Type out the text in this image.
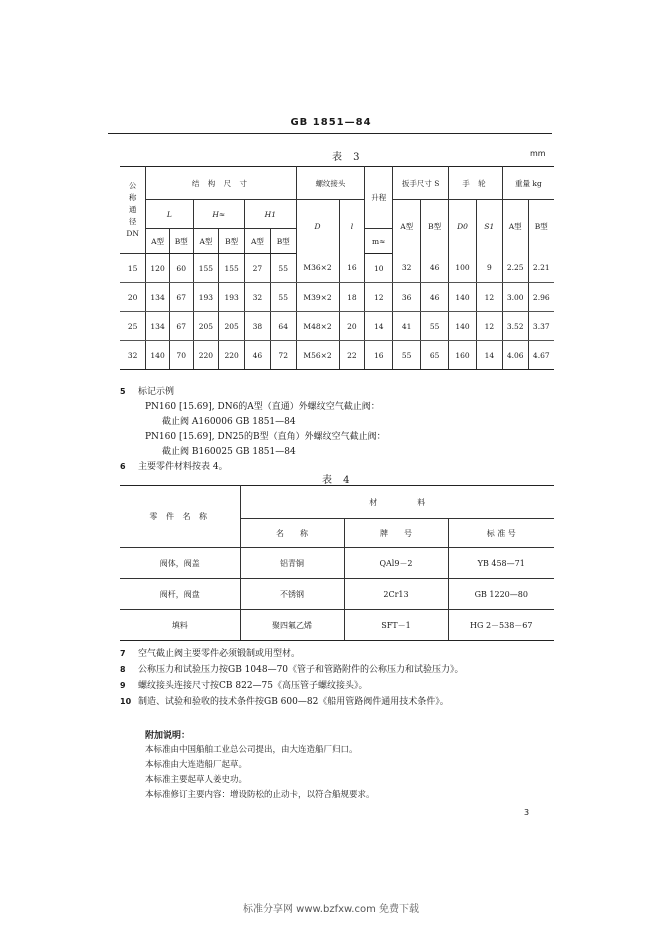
GB 1851—84
表 3	mm
公称通径DN	结 构 尺 寸						螺纹接头		升程	扳手尺寸 S		手 轮		重量 kg	
	L		H≈		H1		D	l		A型	B型	D0	S1	A型	B型
	A型	B型	A型	B型	A型	B型			m≈						
15	120	60	155	155	27	55	M36×2	16	10	32	46	100	9	2.25	2.21
20	134	67	193	193	32	55	M39×2	18	12	36	46	140	12	3.00	2.96
25	134	67	205	205	38	64	M48×2	20	14	41	55	140	12	3.52	3.37
32	140	70	220	220	46	72	M56×2	22	16	55	65	160	14	4.06	4.67
5 标记示例
PN160 [15.69], DN6的A型（直通）外螺纹空气截止阀：
截止阀 A160006 GB 1851—84
PN160 [15.69], DN25的B型（直角）外螺纹空气截止阀：
截止阀 B160025 GB 1851—84
6 主要零件材料按表 4。
表 4
零 件 名 称	材　　　　　料		
	名　　称	牌　　号	标 准 号
阀体，阀盖	铝青铜	QAl9－2	YB 458—71
阀杆，阀盘	不锈钢	2Cr13	GB 1220—80
填料	聚四氟乙烯	SFT－1	HG 2－538－67
7 空气截止阀主要零件必须锻制或用型材。
8 公称压力和试验压力按GB 1048—70《管子和管路附件的公称压力和试验压力》。
9 螺纹接头连接尺寸按CB 822—75《高压管子螺纹接头》。
10 制造、试验和验收的技术条件按GB 600—82《船用管路阀件通用技术条件》。
附加说明：
本标准由中国船舶工业总公司提出，由大连造船厂归口。
本标准由大连造船厂起草。
本标准主要起草人姜史功。
本标准修订主要内容：增设防松的止动卡，以符合船规要求。
3
标准分享网 www.bzfxw.com 免费下载
